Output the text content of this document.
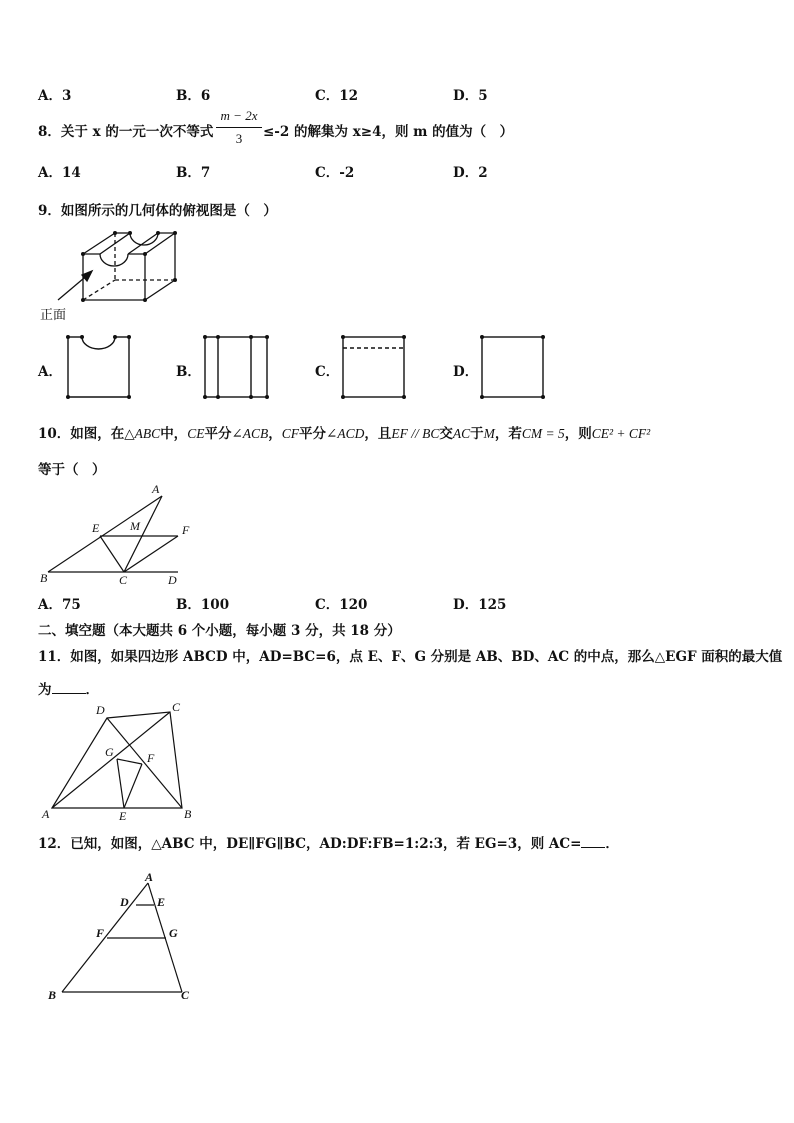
A．3	B．6	C．12	D．5
8．关于 x 的一元一次不等式
m − 2x
3	≤-2 的解集为 x≥4，则 m 的值为（　）
A．14	B．7	C．-2	D．2
9．如图所示的几何体的俯视图是（　）
正面
A．	B．	C．	D．
10．如图，在△ABC中，CE平分∠ACB，CF平分∠ACD，且EF // BC交AC于M，若CM = 5，则CE² + CF²
等于（　）
A
E	M	F
B	C	D
A．75	B．100	C．120	D．125
二、填空题（本大题共 6 个小题，每小题 3 分，共 18 分）
11．如图，如果四边形 ABCD 中，AD=BC=6，点 E、F、G 分别是 AB、BD、AC 的中点，那么△EGF 面积的最大值
为	．
D	C
G	F
A	E	B
12．已知，如图，△ABC 中，DE∥FG∥BC，AD:DF:FB=1:2:3，若 EG=3，则 AC= ．
A
D E
F	G
B	C
